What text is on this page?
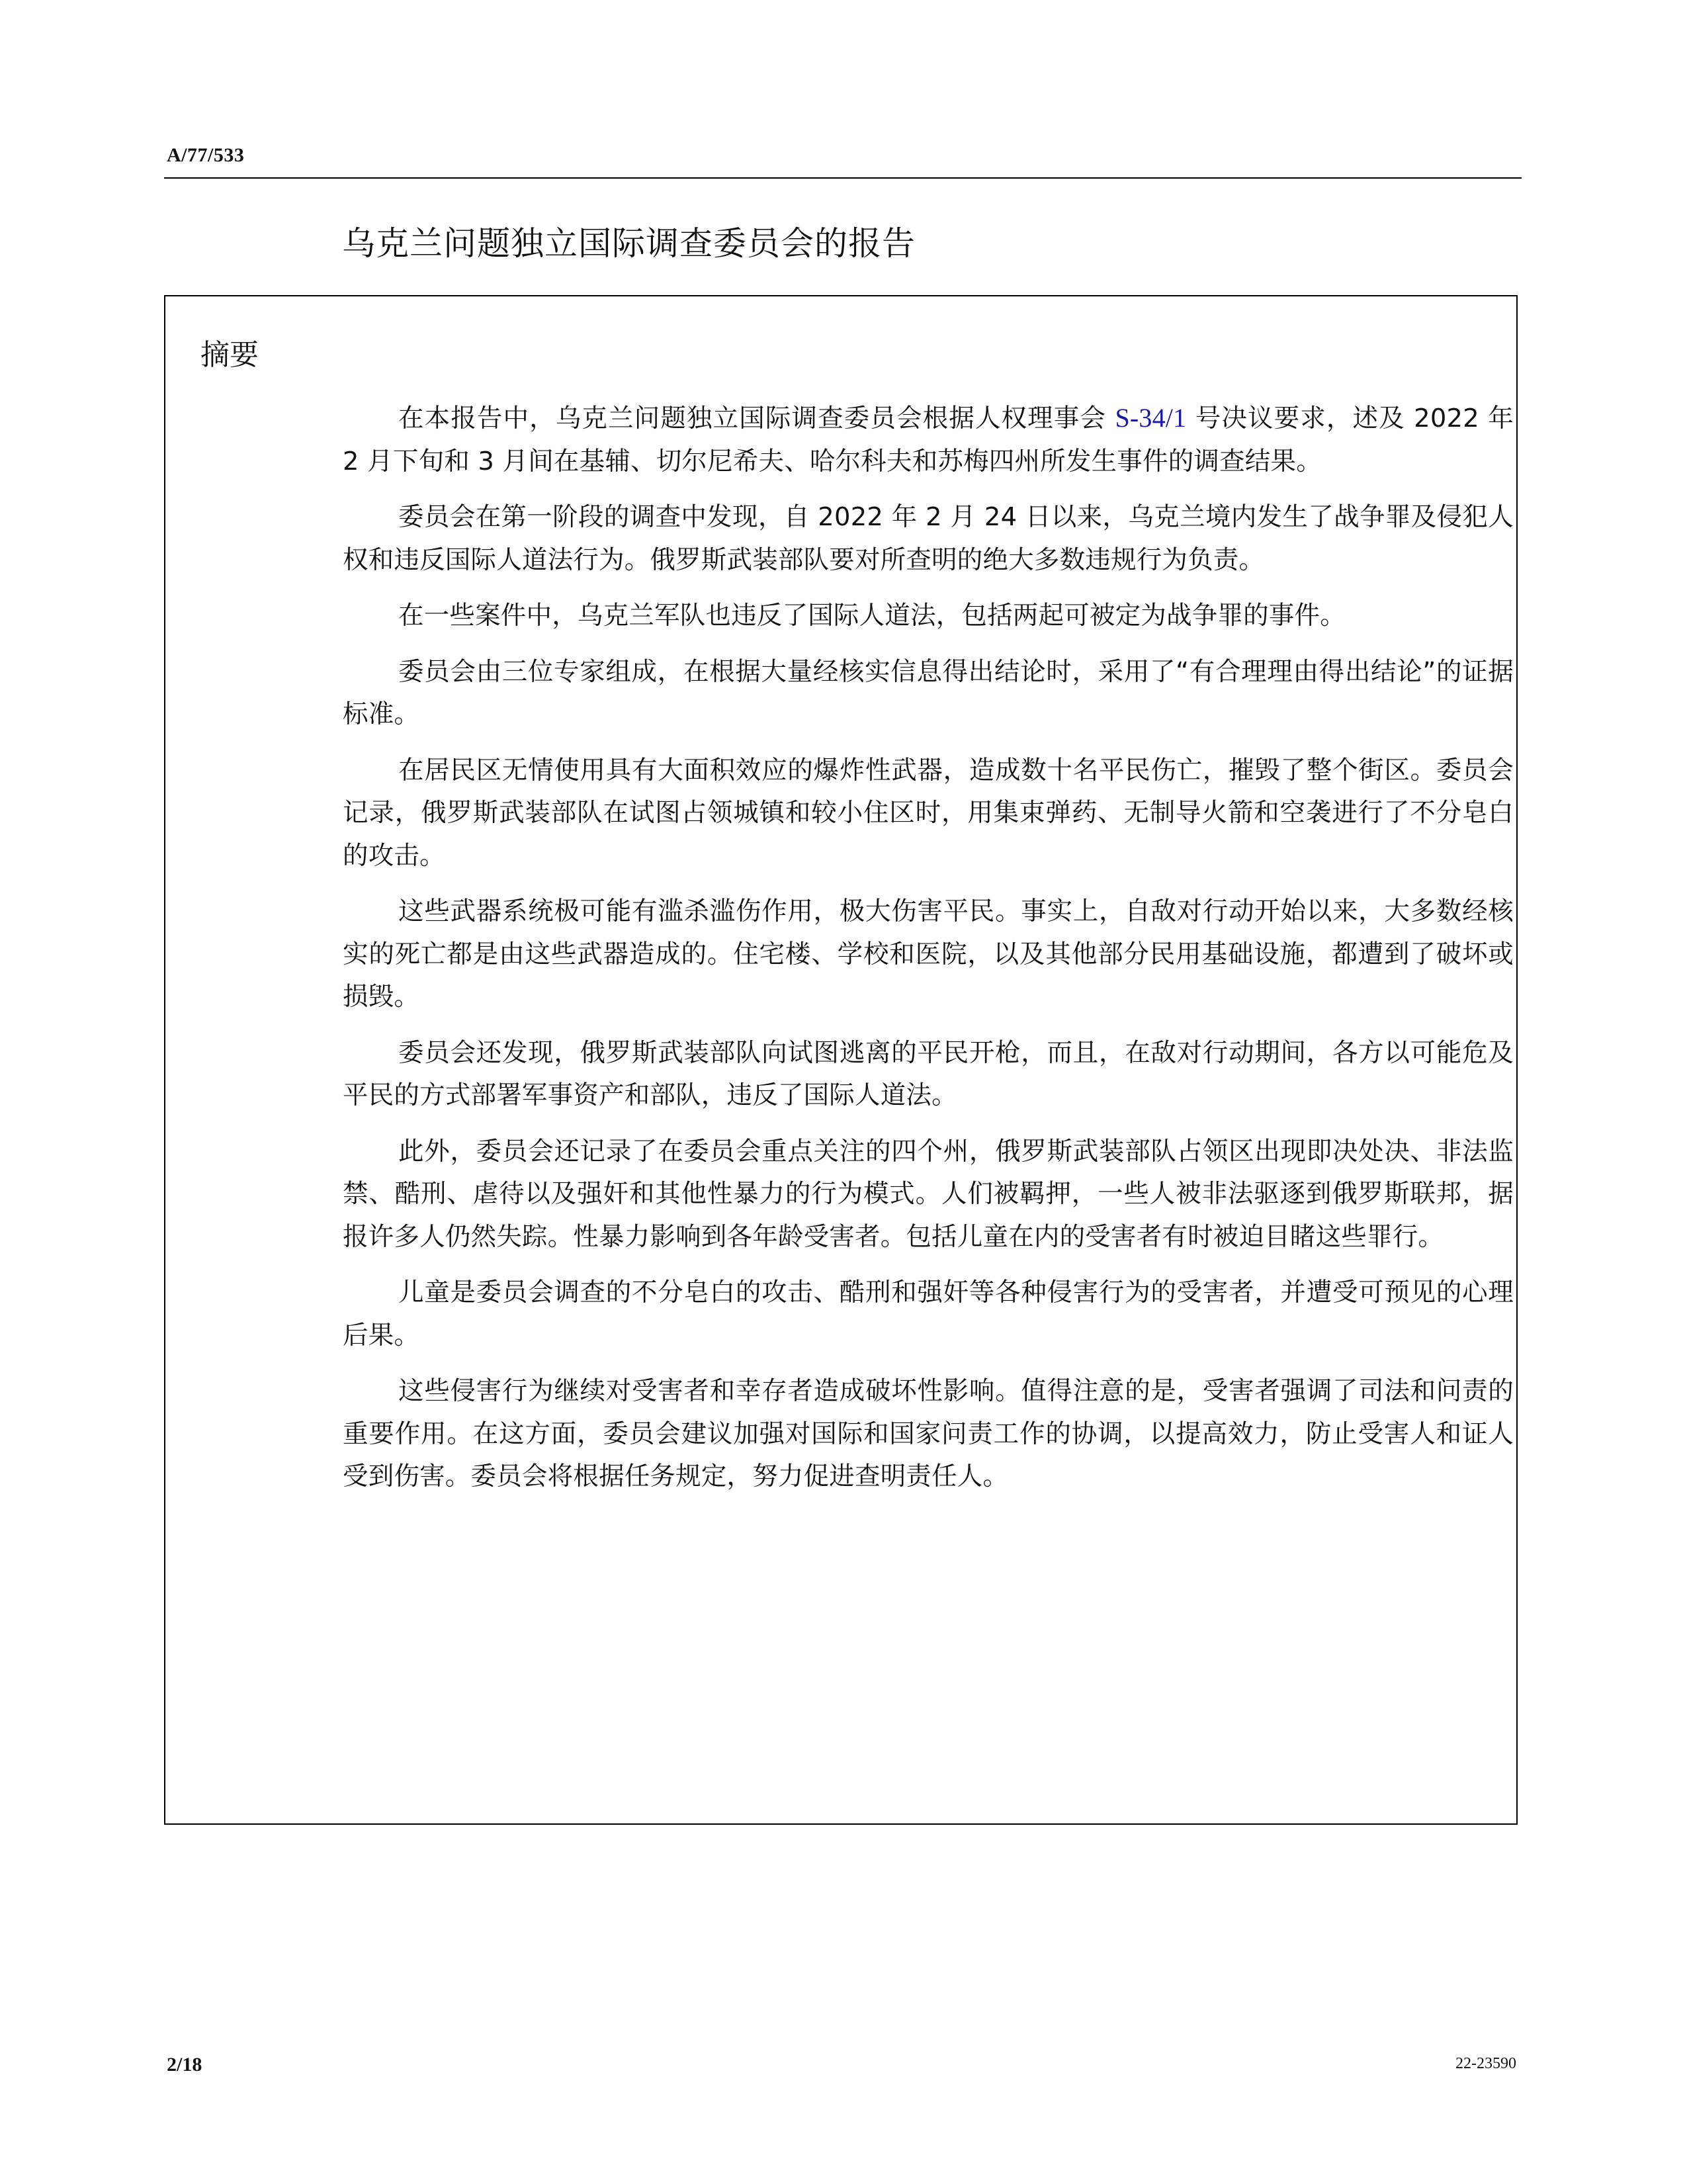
A/77/533
乌克兰问题独立国际调查委员会的报告
摘要

在本报告中，乌克兰问题独立国际调查委员会根据人权理事会 S-34/1 号决议要求，述及 2022 年 2 月下旬和 3 月间在基辅、切尔尼希夫、哈尔科夫和苏梅四州所发生事件的调查结果。

委员会在第一阶段的调查中发现，自 2022 年 2 月 24 日以来，乌克兰境内发生了战争罪及侵犯人权和违反国际人道法行为。俄罗斯武装部队要对所查明的绝大多数违规行为负责。

在一些案件中，乌克兰军队也违反了国际人道法，包括两起可被定为战争罪的事件。

委员会由三位专家组成，在根据大量经核实信息得出结论时，采用了“有合理理由得出结论”的证据标准。

在居民区无情使用具有大面积效应的爆炸性武器，造成数十名平民伤亡，摧毁了整个街区。委员会记录，俄罗斯武装部队在试图占领城镇和较小住区时，用集束弹药、无制导火箭和空袭进行了不分皂白的攻击。

这些武器系统极可能有滥杀滥伤作用，极大伤害平民。事实上，自敌对行动开始以来，大多数经核实的死亡都是由这些武器造成的。住宅楼、学校和医院，以及其他部分民用基础设施，都遭到了破坏或损毁。

委员会还发现，俄罗斯武装部队向试图逃离的平民开枪，而且，在敌对行动期间，各方以可能危及平民的方式部署军事资产和部队，违反了国际人道法。

此外，委员会还记录了在委员会重点关注的四个州，俄罗斯武装部队占领区出现即决处决、非法监禁、酷刑、虐待以及强奸和其他性暴力的行为模式。人们被羁押，一些人被非法驱逐到俄罗斯联邦，据报许多人仍然失踪。性暴力影响到各年龄受害者。包括儿童在内的受害者有时被迫目睹这些罪行。

儿童是委员会调查的不分皂白的攻击、酷刑和强奸等各种侵害行为的受害者，并遭受可预见的心理后果。

这些侵害行为继续对受害者和幸存者造成破坏性影响。值得注意的是，受害者强调了司法和问责的重要作用。在这方面，委员会建议加强对国际和国家问责工作的协调，以提高效力，防止受害人和证人受到伤害。委员会将根据任务规定，努力促进查明责任人。

2/18	22-23590
